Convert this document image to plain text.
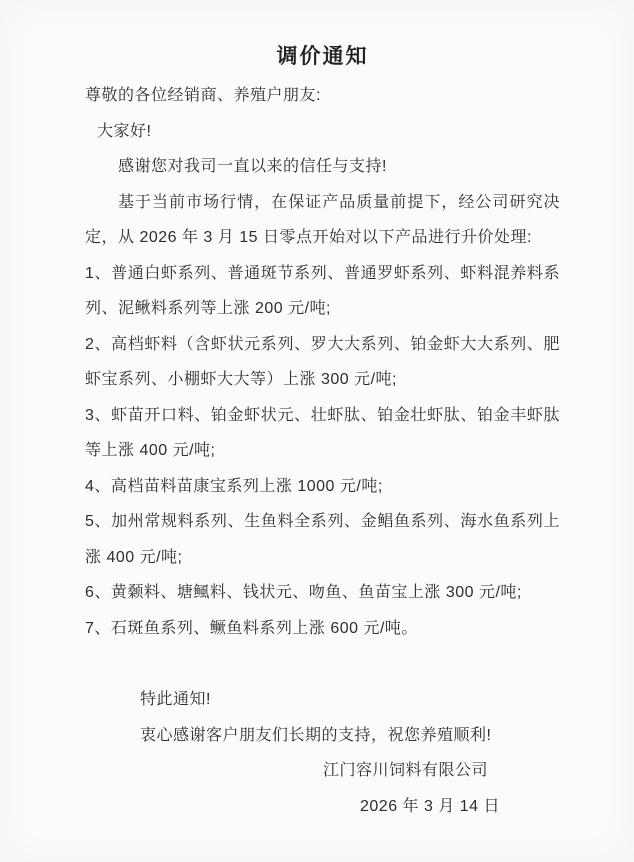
调价通知

尊敬的各位经销商、养殖户朋友:

大家好!

感谢您对我司一直以来的信任与支持!

基于当前市场行情，在保证产品质量前提下，经公司研究决定，从 2026 年 3 月 15 日零点开始对以下产品进行升价处理:

1、普通白虾系列、普通斑节系列、普通罗虾系列、虾料混养料系列、泥鳅料系列等上涨 200 元/吨;

2、高档虾料（含虾状元系列、罗大大系列、铂金虾大大系列、肥虾宝系列、小棚虾大大等）上涨 300 元/吨;

3、虾苗开口料、铂金虾状元、壮虾肽、铂金壮虾肽、铂金丰虾肽等上涨 400 元/吨;

4、高档苗料苗康宝系列上涨 1000 元/吨;

5、加州常规料系列、生鱼料全系列、金鲳鱼系列、海水鱼系列上涨 400 元/吨;

6、黄颡料、塘鲺料、钱状元、吻鱼、鱼苗宝上涨 300 元/吨;

7、石斑鱼系列、鳜鱼料系列上涨 600 元/吨。

特此通知!

衷心感谢客户朋友们长期的支持，祝您养殖顺利!

江门容川饲料有限公司

2026 年 3 月 14 日
